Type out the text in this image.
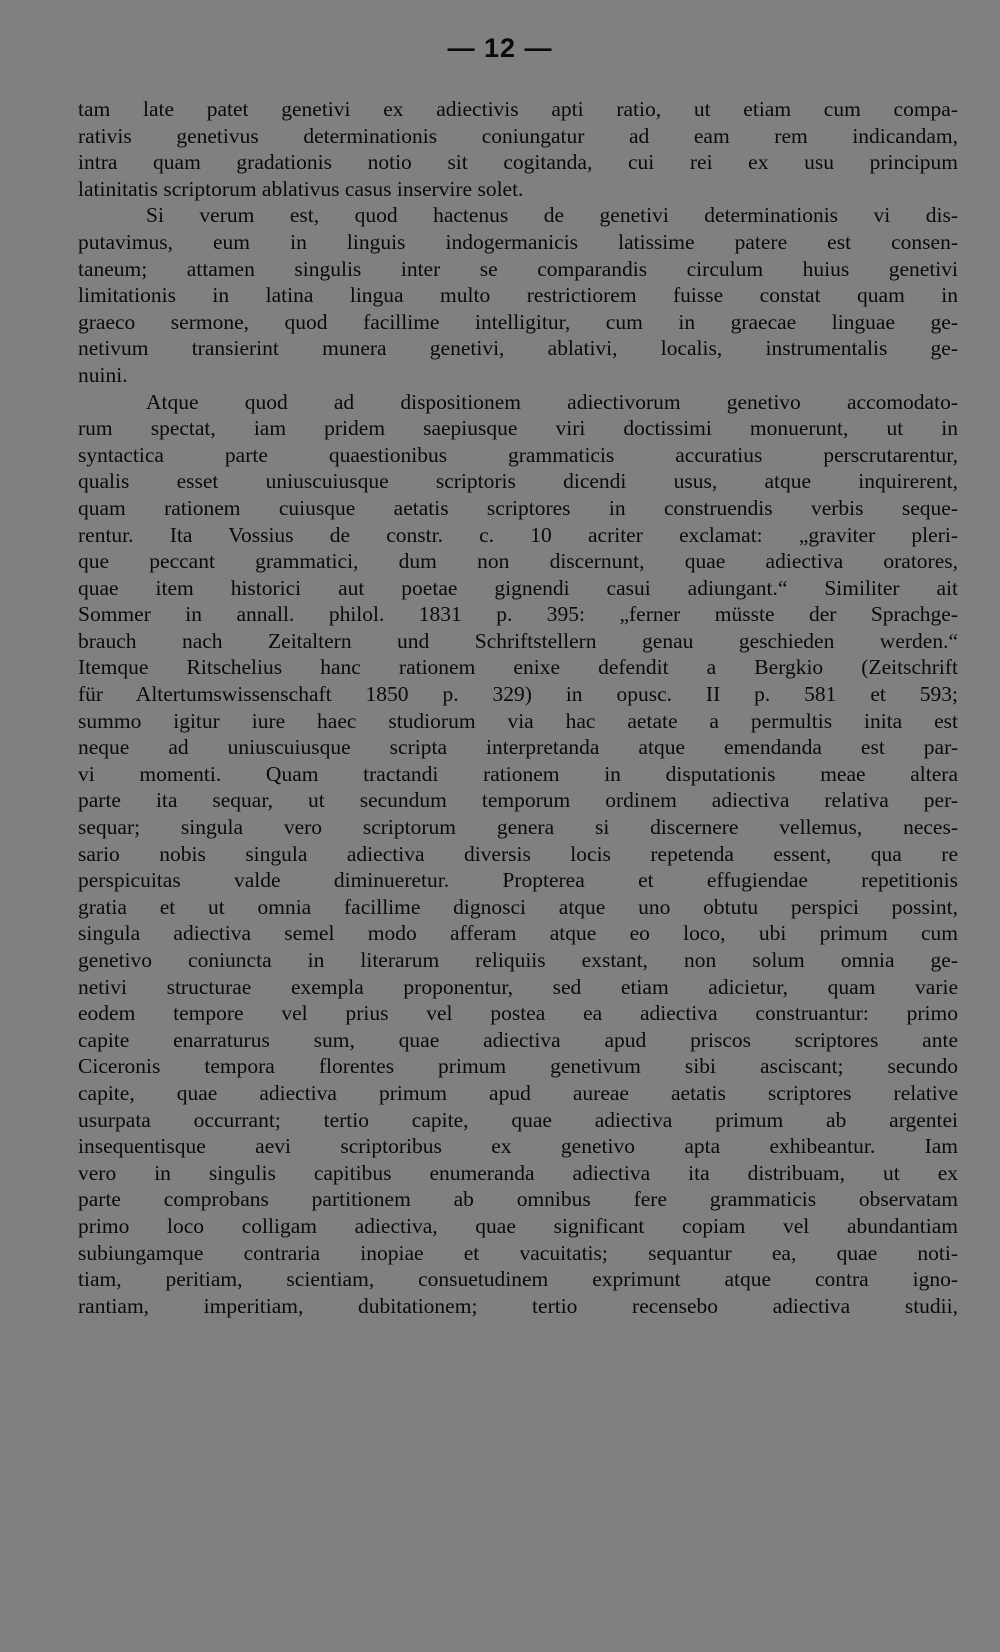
— 12 —
tam late patet genetivi ex adiectivis apti ratio, ut etiam cum compa-
rativis genetivus determinationis coniungatur ad eam rem indicandam,
intra quam gradationis notio sit cogitanda, cui rei ex usu principum
latinitatis scriptorum ablativus casus inservire solet.
Si verum est, quod hactenus de genetivi determinationis vi dis-
putavimus, eum in linguis indogermanicis latissime patere est consen-
taneum; attamen singulis inter se comparandis circulum huius genetivi
limitationis in latina lingua multo restrictiorem fuisse constat quam in
graeco sermone, quod facillime intelligitur, cum in graecae linguae ge-
netivum transierint munera genetivi, ablativi, localis, instrumentalis ge-
nuini.
Atque quod ad dispositionem adiectivorum genetivo accomodato-
rum spectat, iam pridem saepiusque viri doctissimi monuerunt, ut in
syntactica parte quaestionibus grammaticis accuratius perscrutarentur,
qualis esset uniuscuiusque scriptoris dicendi usus, atque inquirerent,
quam rationem cuiusque aetatis scriptores in construendis verbis seque-
rentur. Ita Vossius de constr. c. 10 acriter exclamat: „graviter pleri-
que peccant grammatici, dum non discernunt, quae adiectiva oratores,
quae item historici aut poetae gignendi casui adiungant.“ Similiter ait
Sommer in annall. philol. 1831 p. 395: „ferner müsste der Sprachge-
brauch nach Zeitaltern und Schriftstellern genau geschieden werden.“
Itemque Ritschelius hanc rationem enixe defendit a Bergkio (Zeitschrift
für Altertumswissenschaft 1850 p. 329) in opusc. II p. 581 et 593;
summo igitur iure haec studiorum via hac aetate a permultis inita est
neque ad uniuscuiusque scripta interpretanda atque emendanda est par-
vi momenti. Quam tractandi rationem in disputationis meae altera
parte ita sequar, ut secundum temporum ordinem adiectiva relativa per-
sequar; singula vero scriptorum genera si discernere vellemus, neces-
sario nobis singula adiectiva diversis locis repetenda essent, qua re
perspicuitas valde diminueretur. Propterea et effugiendae repetitionis
gratia et ut omnia facillime dignosci atque uno obtutu perspici possint,
singula adiectiva semel modo afferam atque eo loco, ubi primum cum
genetivo coniuncta in literarum reliquiis exstant, non solum omnia ge-
netivi structurae exempla proponentur, sed etiam adicietur, quam varie
eodem tempore vel prius vel postea ea adiectiva construantur: primo
capite enarraturus sum, quae adiectiva apud priscos scriptores ante
Ciceronis tempora florentes primum genetivum sibi asciscant; secundo
capite, quae adiectiva primum apud aureae aetatis scriptores relative
usurpata occurrant; tertio capite, quae adiectiva primum ab argentei
insequentisque aevi scriptoribus ex genetivo apta exhibeantur. Iam
vero in singulis capitibus enumeranda adiectiva ita distribuam, ut ex
parte comprobans partitionem ab omnibus fere grammaticis observatam
primo loco colligam adiectiva, quae significant copiam vel abundantiam
subiungamque contraria inopiae et vacuitatis; sequantur ea, quae noti-
tiam, peritiam, scientiam, consuetudinem exprimunt atque contra igno-
rantiam, imperitiam, dubitationem; tertio recensebo adiectiva studii,
